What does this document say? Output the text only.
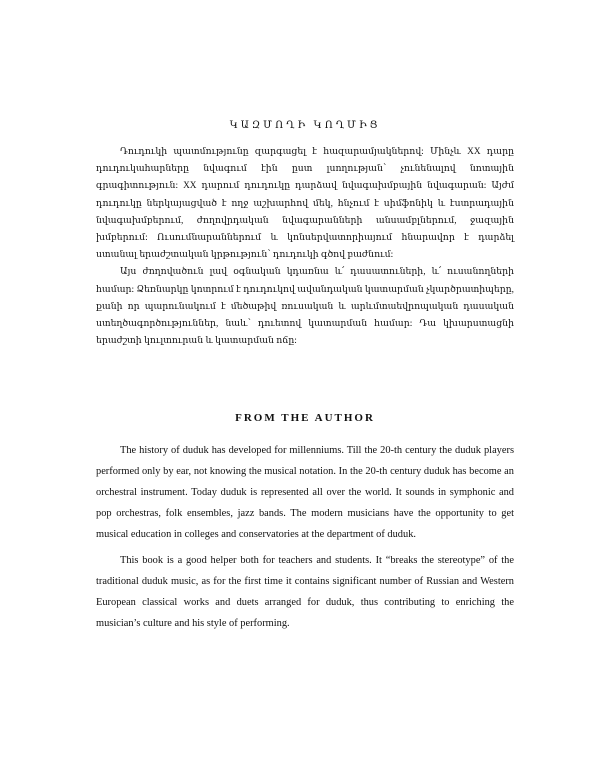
ԿԱԶՄՈՂԻ ԿՈՂՄԻՑ

Դուդուկի պատմությունը զարգացել է հազարամյակներով: Մինչև XX դարը դուդուկահարները նվագում էին ըստ լսողության՝ չունենալով նոտային գրագիտություն: XX դարում դուդուկը դարձավ նվագախմբային նվագարան: Այժմ դուդուկը ներկայացված է ողջ աշխարհով մեկ, հնչում է սիմֆոնիկ և էստրադային նվագախմբերում, ժողովրդական նվագարանների անսամբլներում, ջազային խմբերում: Ուսումնարաններում և կոնսերվատորիայում հնարավոր է դարձել ստանալ երաժշտական կրթություն՝ դուդուկի գծով բաժնում:

Այս ժողովածուն լավ օգնական կդառնա և՛ դասատուների, և՛ ուսանողների համար: Ձեռնարկը կոտրում է դուդուկով ավանդական կատարման չկարծրատիպերը, քանի որ պարունակում է մեծաթիվ ռուսական և արևմտաեվրոպական դասական ստեղծագործություններ, նաև՝ դուետով կատարման համար: Դա կխարստացնի երաժշտի կուլտուրան և կատարման ոճը:

FROM THE AUTHOR

The history of duduk has developed for millenniums. Till the 20-th century the duduk players performed only by ear, not knowing the musical notation. In the 20-th century duduk has become an orchestral instrument. Today duduk is represented all over the world. It sounds in symphonic and pop orchestras, folk ensembles, jazz bands. The modern musicians have the opportunity to get musical education in colleges and conservatories at the department of duduk.

This book is a good helper both for teachers and students. It “breaks the stereotype” of the traditional duduk music, as for the first time it contains significant number of Russian and Western European classical works and duets arranged for duduk, thus contributing to enriching the musician’s culture and his style of performing.
